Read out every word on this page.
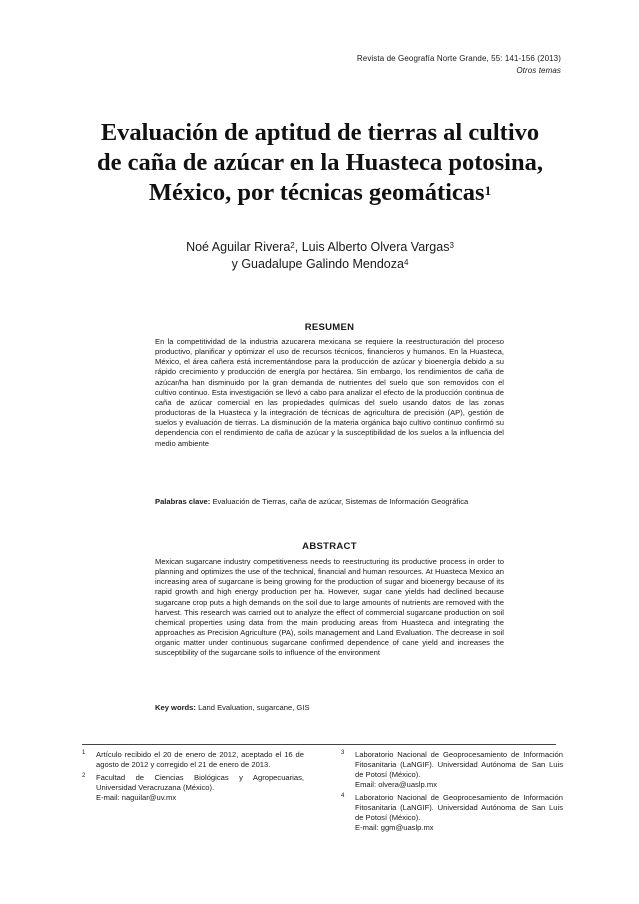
Revista de Geografía Norte Grande, 55: 141-156 (2013)
Otros temas
Evaluación de aptitud de tierras al cultivo
de caña de azúcar en la Huasteca potosina,
México, por técnicas geomáticas$^1$
Noé Aguilar Rivera$^2$, Luis Alberto Olvera Vargas$^3$
y Guadalupe Galindo Mendoza$^4$
RESUMEN
En la competitividad de la industria azucarera mexicana se requiere la reestructuración del proceso productivo, planificar y optimizar el uso de recursos técnicos, financieros y humanos. En la Huasteca, México, el área cañera está incrementándose para la producción de azúcar y bioenergía debido a su rápido crecimiento y producción de energía por hectárea. Sin embargo, los rendimientos de caña de azúcar/ha han disminuido por la gran demanda de nutrientes del suelo que son removidos con el cultivo continuo. Esta investigación se llevó a cabo para analizar el efecto de la producción continua de caña de azúcar comercial en las propiedades químicas del suelo usando datos de las zonas productoras de la Huasteca y la integración de técnicas de agricultura de precisión (AP), gestión de suelos y evaluación de tierras. La disminución de la materia orgánica bajo cultivo continuo confirmó su dependencia con el rendimiento de caña de azúcar y la susceptibilidad de los suelos a la influencia del medio ambiente
Palabras clave: Evaluación de Tierras, caña de azúcar, Sistemas de Información Geográfica
ABSTRACT
Mexican sugarcane industry competitiveness needs to reestructuring its productive process in order to planning and optimizes the use of the technical, financial and human resources. At Huasteca Mexico an increasing area of sugarcane is being growing for the production of sugar and bioenergy because of its rapid growth and high energy production per ha. However, sugar cane yields had declined because sugarcane crop puts a high demands on the soil due to large amounts of nutrients are removed with the harvest. This research was carried out to analyze the effect of commercial sugarcane production on soil chemical properties using data from the main producing areas from Huasteca and integrating the approaches as Precision Agriculture (PA), soils management and Land Evaluation. The decrease in soil organic matter under continuous sugarcane confirmed dependence of cane yield and increases the susceptibility of the sugarcane soils to influence of the environment
Key words: Land Evaluation, sugarcane, GIS
1 Artículo recibido el 20 de enero de 2012, aceptado el 16 de agosto de 2012 y corregido el 21 de enero de 2013.
2 Facultad de Ciencias Biológicas y Agropecuarias, Universidad Veracruzana (México).
E-mail: naguilar@uv.mx
3 Laboratorio Nacional de Geoprocesamiento de Información Fitosanitaria (LaNGIF). Universidad Autónoma de San Luis de Potosí (México).
Email: olvera@uaslp.mx
4 Laboratorio Nacional de Geoprocesamiento de Información Fitosanitaria (LaNGIF). Universidad Autónoma de San Luis de Potosí (México).
E-mail: ggm@uaslp.mx
